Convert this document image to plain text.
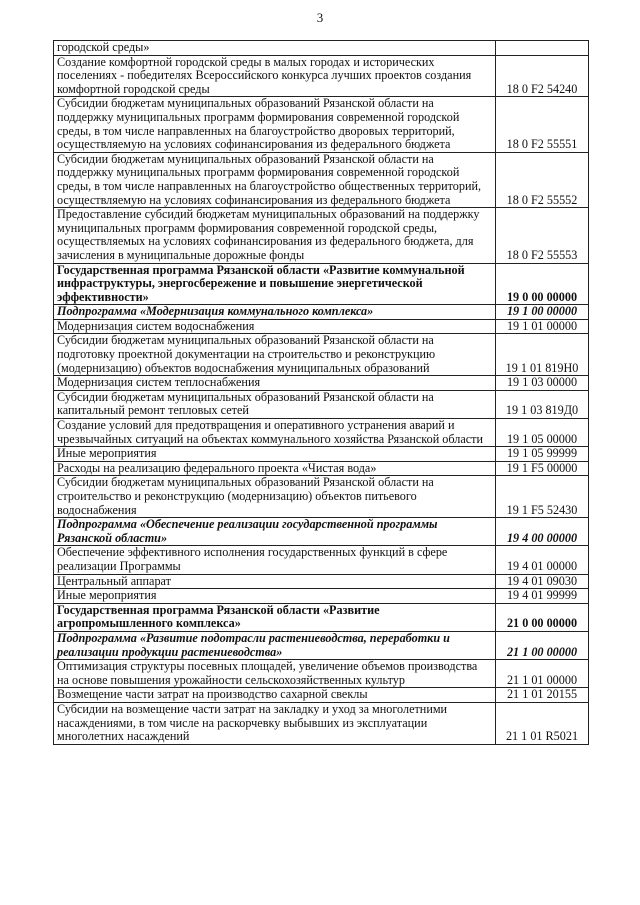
3
городской среды»	
Создание комфортной городской среды в малых городах и исторических поселениях - победителях Всероссийского конкурса лучших проектов создания комфортной городской среды	18 0 F2 54240
Субсидии бюджетам муниципальных образований Рязанской области на поддержку муниципальных программ формирования современной городской среды, в том числе направленных на благоустройство дворовых территорий, осуществляемую на условиях софинансирования из федерального бюджета	18 0 F2 55551
Субсидии бюджетам муниципальных образований Рязанской области на поддержку муниципальных программ формирования современной городской среды, в том числе направленных на благоустройство общественных территорий, осуществляемую на условиях софинансирования из федерального бюджета	18 0 F2 55552
Предоставление субсидий бюджетам муниципальных образований на поддержку муниципальных программ формирования современной городской среды, осуществляемых на условиях софинансирования из федерального бюджета, для зачисления в муниципальные дорожные фонды	18 0 F2 55553
Государственная программа Рязанской области «Развитие коммунальной инфраструктуры, энергосбережение и повышение энергетической эффективности»	19 0 00 00000
Подпрограмма «Модернизация коммунального комплекса»	19 1 00 00000
Модернизация систем водоснабжения	19 1 01 00000
Субсидии бюджетам муниципальных образований Рязанской области на подготовку проектной документации на строительство и реконструкцию (модернизацию) объектов водоснабжения муниципальных образований	19 1 01 819Н0
Модернизация систем теплоснабжения	19 1 03 00000
Субсидии бюджетам муниципальных образований Рязанской области на капитальный ремонт тепловых сетей	19 1 03 819Д0
Создание условий для предотвращения и оперативного устранения аварий и чрезвычайных ситуаций на объектах коммунального хозяйства Рязанской области	19 1 05 00000
Иные мероприятия	19 1 05 99999
Расходы на реализацию федерального проекта «Чистая вода»	19 1 F5 00000
Субсидии бюджетам муниципальных образований Рязанской области на строительство и реконструкцию (модернизацию) объектов питьевого водоснабжения	19 1 F5 52430
Подпрограмма «Обеспечение реализации государственной программы Рязанской области»	19 4 00 00000
Обеспечение эффективного исполнения государственных функций в сфере реализации Программы	19 4 01 00000
Центральный аппарат	19 4 01 09030
Иные мероприятия	19 4 01 99999
Государственная программа Рязанской области «Развитие агропромышленного комплекса»	21 0 00 00000
Подпрограмма «Развитие подотрасли растениеводства, переработки и реализации продукции растениеводства»	21 1 00 00000
Оптимизация структуры посевных площадей, увеличение объемов производства на основе повышения урожайности сельскохозяйственных культур	21 1 01 00000
Возмещение части затрат на производство сахарной свеклы	21 1 01 20155
Субсидии на возмещение части затрат на закладку и уход за многолетними насаждениями, в том числе на раскорчевку выбывших из эксплуатации многолетних насаждений	21 1 01 R5021
